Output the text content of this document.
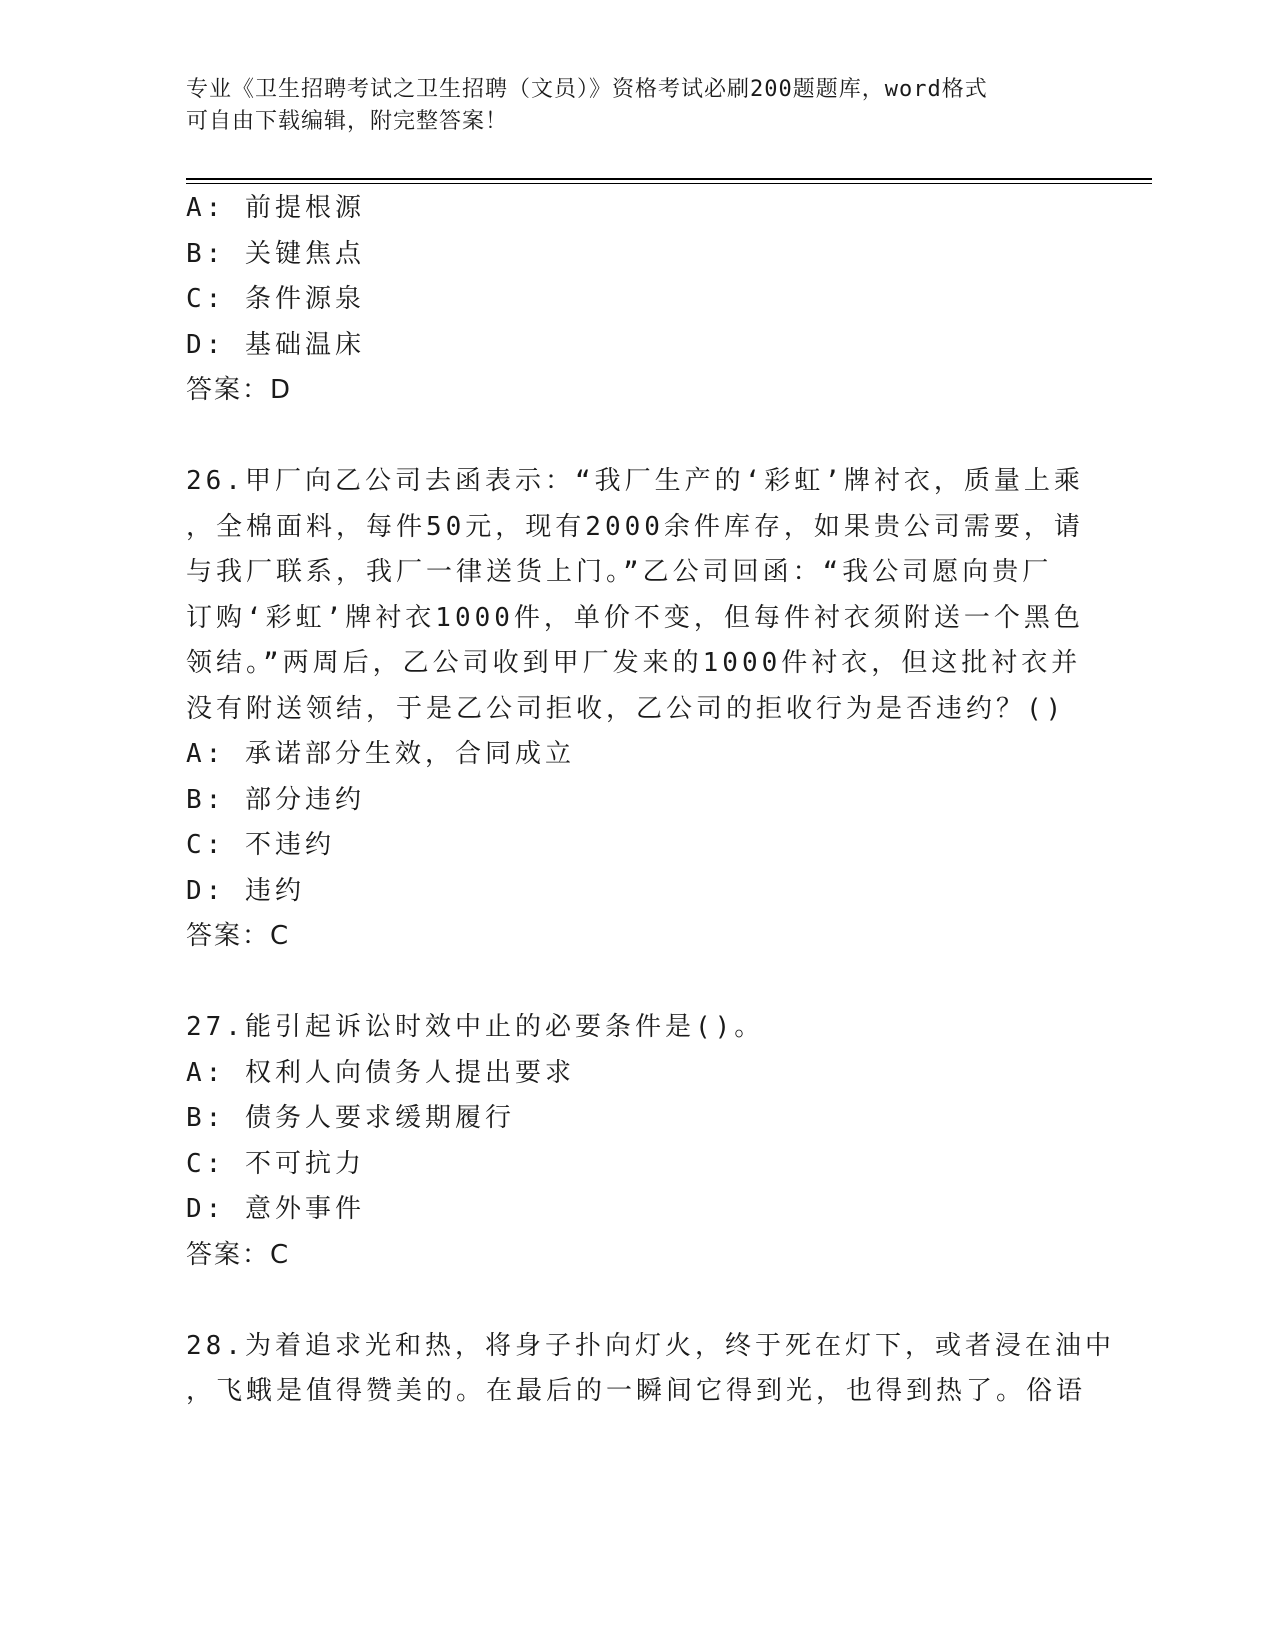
专业《卫生招聘考试之卫生招聘（文员）》资格考试必刷200题题库，word格式
可自由下载编辑，附完整答案！
A: 前提根源
B: 关键焦点
C: 条件源泉
D: 基础温床
答案：D
26.甲厂向乙公司去函表示：“我厂生产的‘彩虹’牌衬衣，质量上乘
，全棉面料，每件50元，现有2000余件库存，如果贵公司需要，请
与我厂联系，我厂一律送货上门。”乙公司回函：“我公司愿向贵厂
订购‘彩虹’牌衬衣1000件，单价不变，但每件衬衣须附送一个黑色
领结。”两周后，乙公司收到甲厂发来的1000件衬衣，但这批衬衣并
没有附送领结，于是乙公司拒收，乙公司的拒收行为是否违约？()
A: 承诺部分生效，合同成立
B: 部分违约
C: 不违约
D: 违约
答案：C
27.能引起诉讼时效中止的必要条件是()。
A: 权利人向债务人提出要求
B: 债务人要求缓期履行
C: 不可抗力
D: 意外事件
答案：C
28.为着追求光和热，将身子扑向灯火，终于死在灯下，或者浸在油中
，飞蛾是值得赞美的。在最后的一瞬间它得到光，也得到热了。俗语
